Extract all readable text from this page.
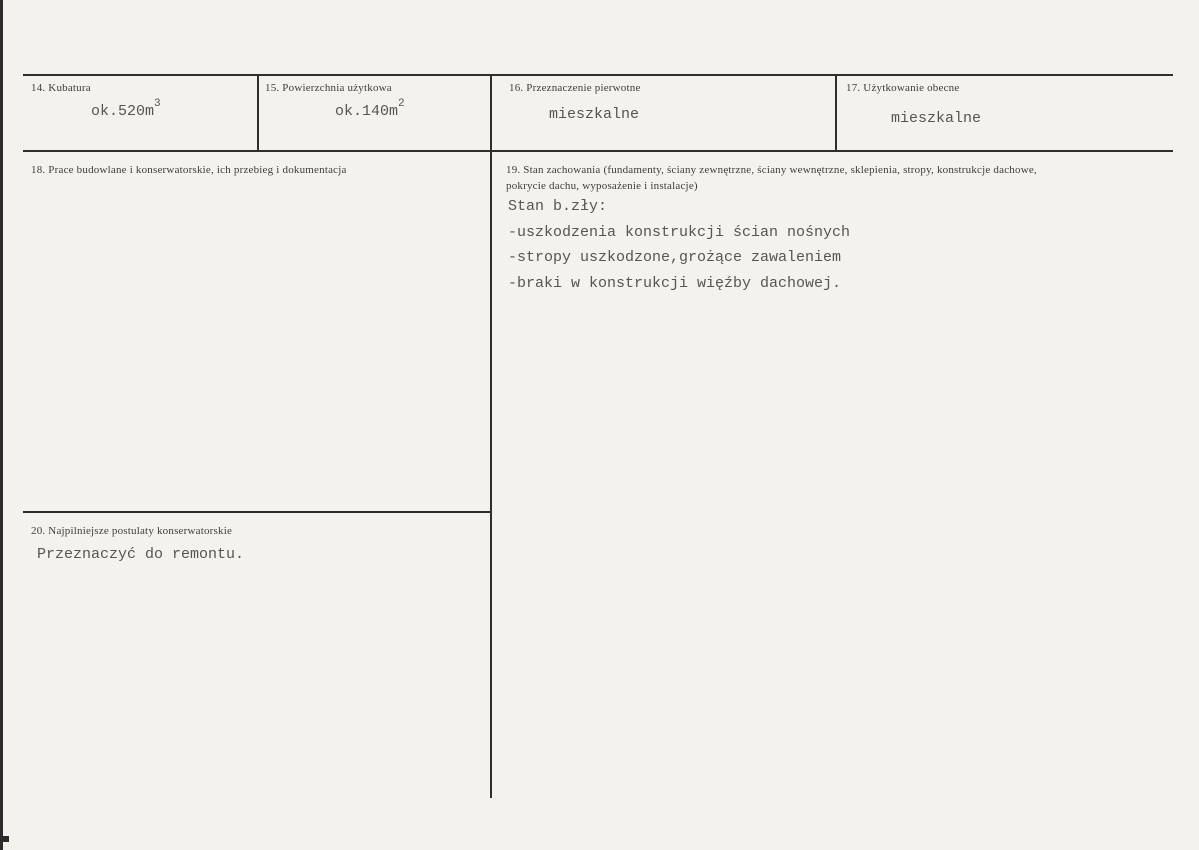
14. Kubatura
$ok.520m^3$
15. Powierzchnia użytkowa
$ok.140m^2$
16. Przeznaczenie pierwotne
mieszkalne
17. Użytkowanie obecne
mieszkalne
18. Prace budowlane i konserwatorskie, ich przebieg i dokumentacja	19. Stan zachowania (fundamenty, ściany zewnętrzne, ściany wewnętrzne, sklepienia, stropy, konstrukcje dachowe, pokrycie dachu, wyposażenie i instalacje)
Stan b.zły:
-uszkodzenia konstrukcji ścian nośnych
-stropy uszkodzone,grożące zawaleniem
-braki w konstrukcji więźby dachowej.
20. Najpilniejsze postulaty konserwatorskie
Przeznaczyć do remontu.
